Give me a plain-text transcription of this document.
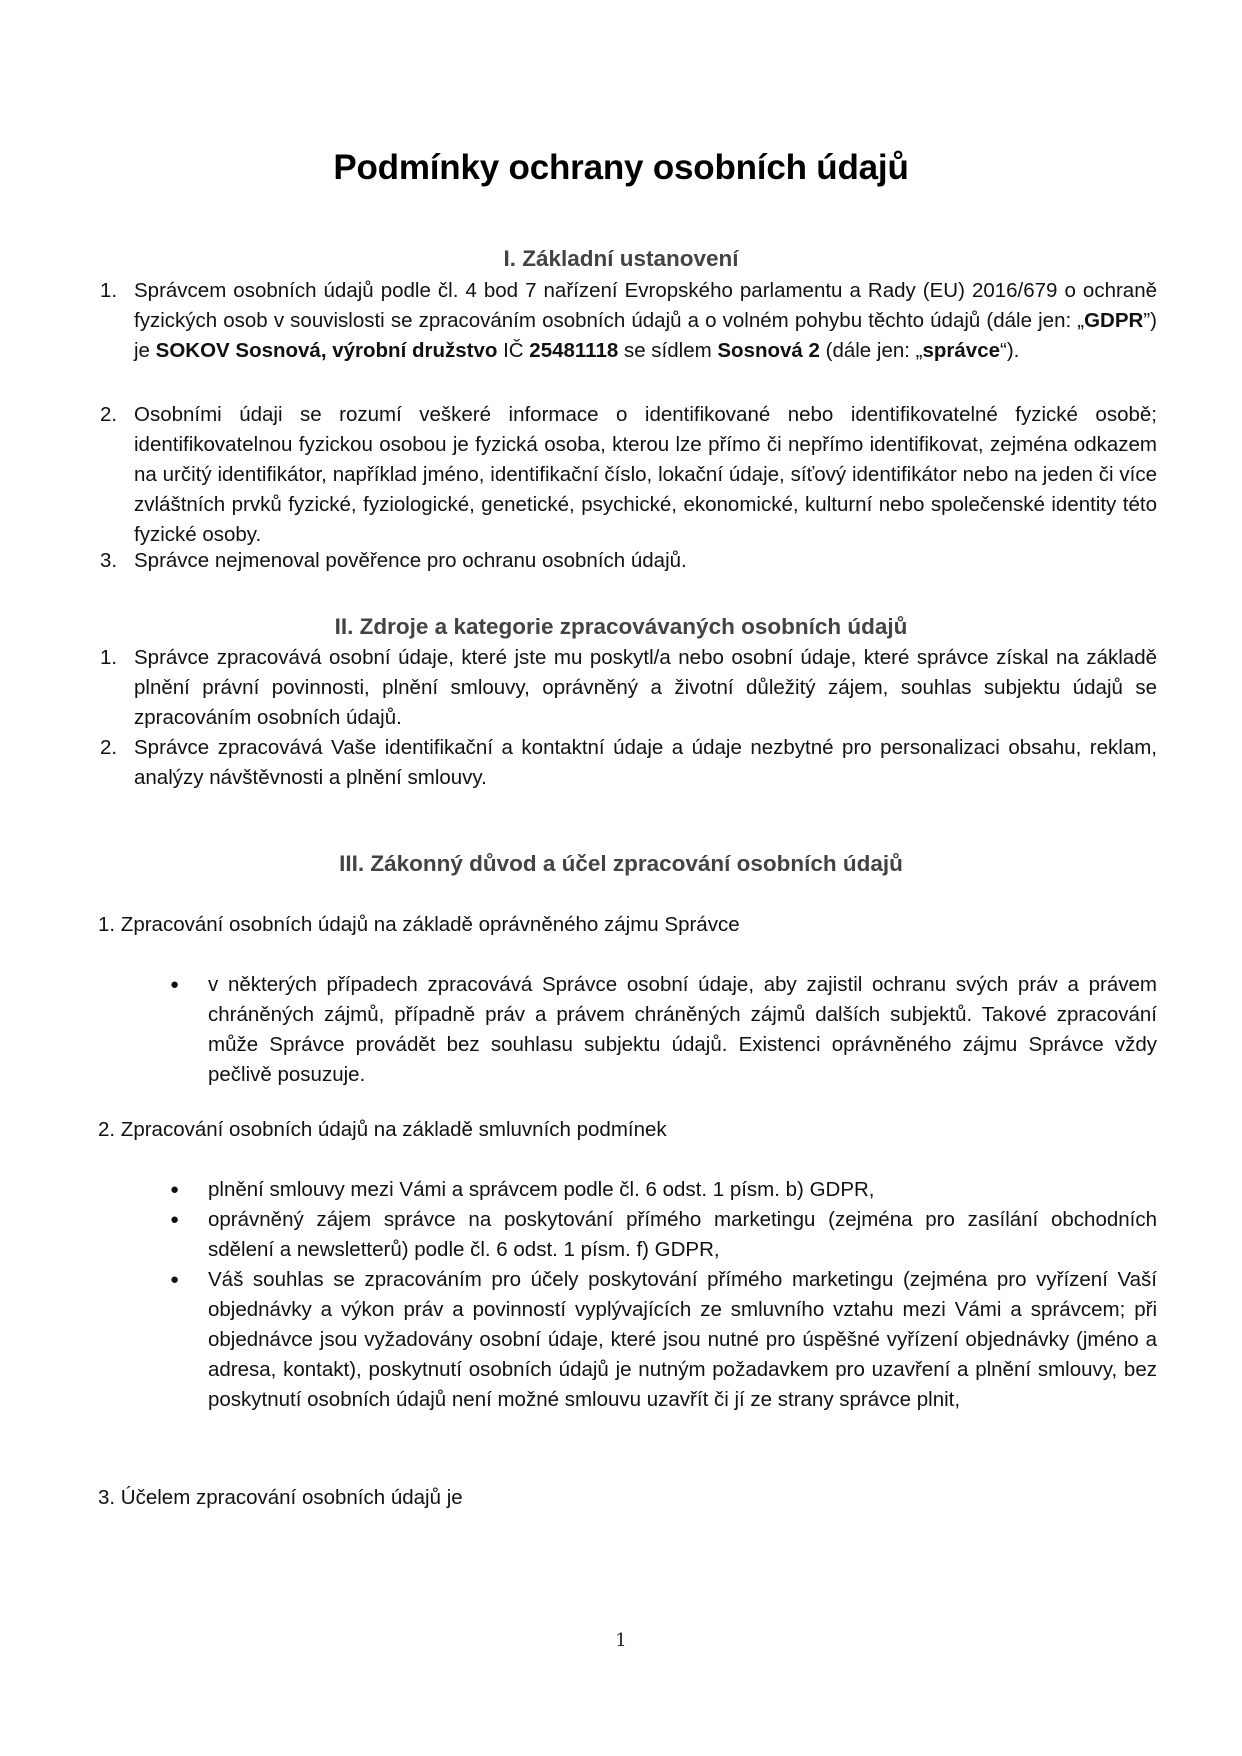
Podmínky ochrany osobních údajů
I. Základní ustanovení
1. Správcem osobních údajů podle čl. 4 bod 7 nařízení Evropského parlamentu a Rady (EU) 2016/679 o ochraně fyzických osob v souvislosti se zpracováním osobních údajů a o volném pohybu těchto údajů (dále jen: „GDPR”) je SOKOV Sosnová, výrobní družstvo IČ 25481118 se sídlem Sosnová 2 (dále jen: „správce“).
2. Osobními údaji se rozumí veškeré informace o identifikované nebo identifikovatelné fyzické osobě; identifikovatelnou fyzickou osobou je fyzická osoba, kterou lze přímo či nepřímo identifikovat, zejména odkazem na určitý identifikátor, například jméno, identifikační číslo, lokační údaje, síťový identifikátor nebo na jeden či více zvláštních prvků fyzické, fyziologické, genetické, psychické, ekonomické, kulturní nebo společenské identity této fyzické osoby.
3. Správce nejmenoval pověřence pro ochranu osobních údajů.
II. Zdroje a kategorie zpracovávaných osobních údajů
1. Správce zpracovává osobní údaje, které jste mu poskytl/a nebo osobní údaje, které správce získal na základě plnění právní povinnosti, plnění smlouvy, oprávněný a životní důležitý zájem, souhlas subjektu údajů se zpracováním osobních údajů.
2. Správce zpracovává Vaše identifikační a kontaktní údaje a údaje nezbytné pro personalizaci obsahu, reklam, analýzy návštěvnosti a plnění smlouvy.
III. Zákonný důvod a účel zpracování osobních údajů
1. Zpracování osobních údajů na základě oprávněného zájmu Správce
● v některých případech zpracovává Správce osobní údaje, aby zajistil ochranu svých práv a právem chráněných zájmů, případně práv a právem chráněných zájmů dalších subjektů. Takové zpracování může Správce provádět bez souhlasu subjektu údajů. Existenci oprávněného zájmu Správce vždy pečlivě posuzuje.
2. Zpracování osobních údajů na základě smluvních podmínek
● plnění smlouvy mezi Vámi a správcem podle čl. 6 odst. 1 písm. b) GDPR,
● oprávněný zájem správce na poskytování přímého marketingu (zejména pro zasílání obchodních sdělení a newsletterů) podle čl. 6 odst. 1 písm. f) GDPR,
● Váš souhlas se zpracováním pro účely poskytování přímého marketingu (zejména pro vyřízení Vaší objednávky a výkon práv a povinností vyplývajících ze smluvního vztahu mezi Vámi a správcem; při objednávce jsou vyžadovány osobní údaje, které jsou nutné pro úspěšné vyřízení objednávky (jméno a adresa, kontakt), poskytnutí osobních údajů je nutným požadavkem pro uzavření a plnění smlouvy, bez poskytnutí osobních údajů není možné smlouvu uzavřít či jí ze strany správce plnit,
3. Účelem zpracování osobních údajů je
1
